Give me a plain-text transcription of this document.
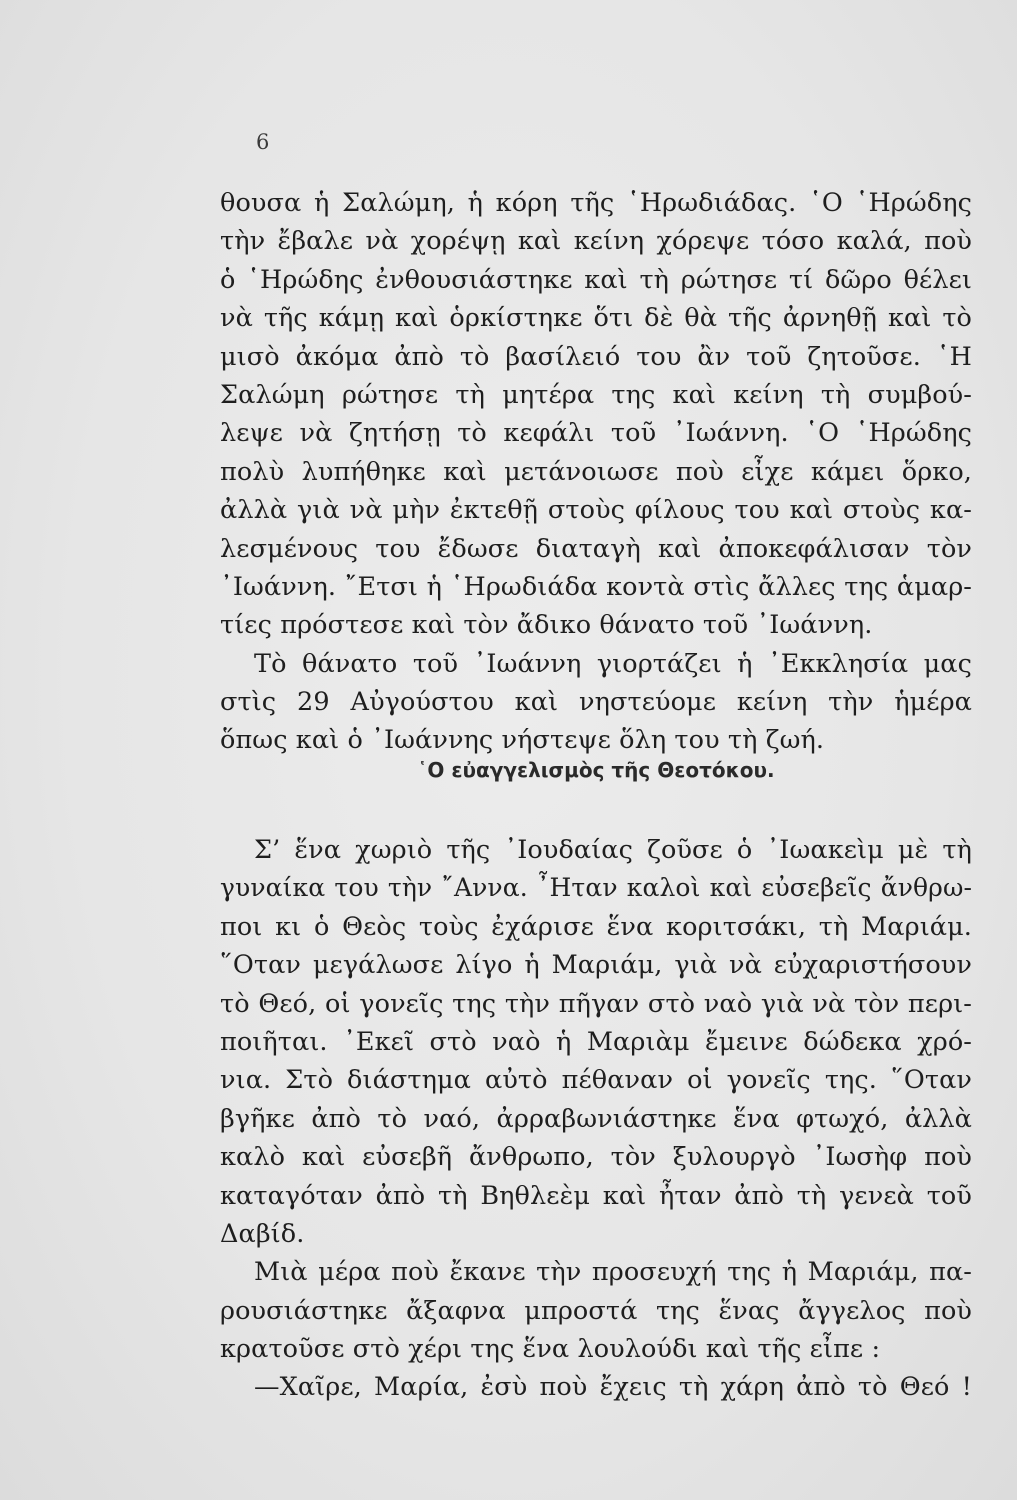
6
θουσα ἡ Σαλώμη, ἡ κόρη τῆς ῾Ηρωδιάδας. ῾Ο ῾Ηρώδης
τὴν ἔβαλε νὰ χορέψῃ καὶ κείνη χόρεψε τόσο καλά, ποὺ
ὁ ῾Ηρώδης ἐνθουσιάστηκε καὶ τὴ ρώτησε τί δῶρο θέλει
νὰ τῆς κάμῃ καὶ ὁρκίστηκε ὅτι δὲ θὰ τῆς ἀρνηθῇ καὶ τὸ
μισὸ ἀκόμα ἀπὸ τὸ βασίλειό του ἂν τοῦ ζητοῦσε. ῾Η
Σαλώμη ρώτησε τὴ μητέρα της καὶ κείνη τὴ συμβού-
λεψε νὰ ζητήσῃ τὸ κεφάλι τοῦ ᾿Ιωάννη. ῾Ο ῾Ηρώδης
πολὺ λυπήθηκε καὶ μετάνοιωσε ποὺ εἶχε κάμει ὅρκο,
ἀλλὰ γιὰ νὰ μὴν ἐκτεθῇ στοὺς φίλους του καὶ στοὺς κα-
λεσμένους του ἔδωσε διαταγὴ καὶ ἀποκεφάλισαν τὸν
᾿Ιωάννη. ῎Ετσι ἡ ῾Ηρωδιάδα κοντὰ στὶς ἄλλες της ἁμαρ-
τίες πρόστεσε καὶ τὸν ἄδικο θάνατο τοῦ ᾿Ιωάννη.
Τὸ θάνατο τοῦ ᾿Ιωάννη γιορτάζει ἡ ᾿Εκκλησία μας
στὶς 29 Αὐγούστου καὶ νηστεύομε κείνη τὴν ἡμέρα
ὅπως καὶ ὁ ᾿Ιωάννης νήστεψε ὅλη του τὴ ζωή.
῾Ο εὐαγγελισμὸς τῆς Θεοτόκου.
Σ’ ἕνα χωριὸ τῆς ᾿Ιουδαίας ζοῦσε ὁ ᾿Ιωακεὶμ μὲ τὴ
γυναίκα του τὴν ῎Αννα. ῏Ηταν καλοὶ καὶ εὐσεβεῖς ἄνθρω-
ποι κι ὁ Θεὸς τοὺς ἐχάρισε ἕνα κοριτσάκι, τὴ Μαριάμ.
῞Οταν μεγάλωσε λίγο ἡ Μαριάμ, γιὰ νὰ εὐχαριστήσουν
τὸ Θεό, οἱ γονεῖς της τὴν πῆγαν στὸ ναὸ γιὰ νὰ τὸν περι-
ποιῆται. ᾿Εκεῖ στὸ ναὸ ἡ Μαριὰμ ἔμεινε δώδεκα χρό-
νια. Στὸ διάστημα αὐτὸ πέθαναν οἱ γονεῖς της. ῞Οταν
βγῆκε ἀπὸ τὸ ναό, ἀρραβωνιάστηκε ἕνα φτωχό, ἀλλὰ
καλὸ καὶ εὐσεβῆ ἄνθρωπο, τὸν ξυλουργὸ ᾿Ιωσὴφ ποὺ
καταγόταν ἀπὸ τὴ Βηθλεὲμ καὶ ἦταν ἀπὸ τὴ γενεὰ τοῦ
Δαβίδ.
Μιὰ μέρα ποὺ ἔκανε τὴν προσευχή της ἡ Μαριάμ, πα-
ρουσιάστηκε ἄξαφνα μπροστά της ἕνας ἄγγελος ποὺ
κρατοῦσε στὸ χέρι της ἕνα λουλούδι καὶ τῆς εἶπε :
—Χαῖρε, Μαρία, ἐσὺ ποὺ ἔχεις τὴ χάρη ἀπὸ τὸ Θεό !
